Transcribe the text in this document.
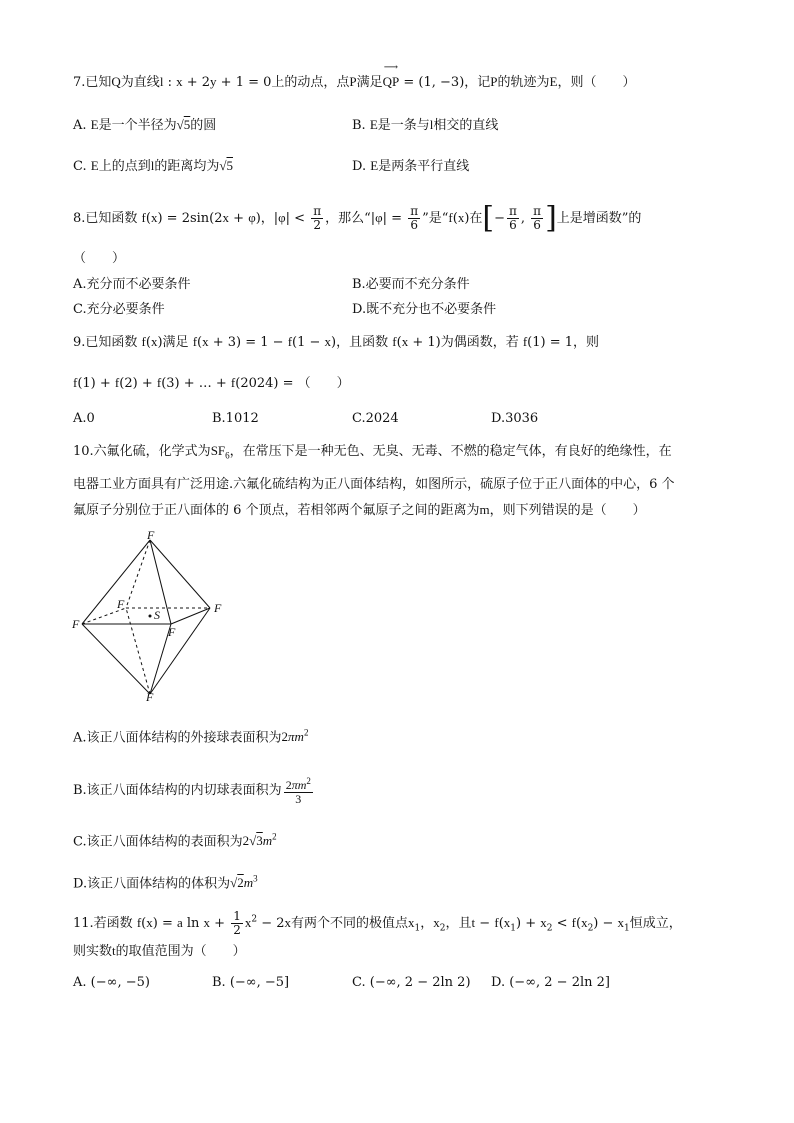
7.已知Q为直线l : x + 2y + 1 = 0上的动点，点P满足
⟶
QP = (1, −3)，记P的轨迹为E，则（　　）
A. E是一个半径为√5的圆	B. E是一条与l相交的直线
C. E上的点到l的距离均为√5	D. E是两条平行直线
8.已知函数 f(x) = 2sin(2x + φ)，$|\varphi| < \frac{\pi}{2}$ ，那么“$|\varphi| = \frac{\pi}{6}$ ”是“f(x)在[− $\frac{\pi}{6}$ , $\frac{\pi}{6}$ ]上是增函数”的
（　　）
A.充分而不必要条件	B.必要而不充分条件
C.充分必要条件	D.既不充分也不必要条件
9.已知函数 f(x)满足 f(x + 3) = 1 − f(1 − x)，且函数 f(x + 1)为偶函数，若 f(1) = 1，则
f(1) + f(2) + f(3) + … + f(2024) = （　　）
A.0	B.1012	C.2024	D.3036
10.六氟化硫，化学式为$SF_6$，在常压下是一种无色、无臭、无毒、不燃的稳定气体，有良好的绝缘性，在
电器工业方面具有广泛用途.六氟化硫结构为正八面体结构，如图所示，硫原子位于正八面体的中心，6 个
氟原子分别位于正八面体的 6 个顶点，若相邻两个氟原子之间的距离为m，则下列错误的是（　　）
F
F
F
F
F
F
S
A.该正八面体结构的外接球表面积为$2\pi m^2$
B.该正八面体结构的内切球表面积为 $\frac{2\pi m^2}{3}$
C.该正八面体结构的表面积为$2√3m^2$
D.该正八面体结构的体积为$√2m^3$
11.若函数 f(x) = a $\ln x + \frac{1}{2} x^2 - 2x$有两个不同的极值点$x_1$，$x_2$，且$t - f(x_1) + x_2 < f(x_2) - x_1$恒成立，
则实数t的取值范围为（　　）
A. (−∞, −5)	B. (−∞, −5]	C. (−∞, 2 − 2ln 2) D. (−∞, 2 − 2ln 2]
